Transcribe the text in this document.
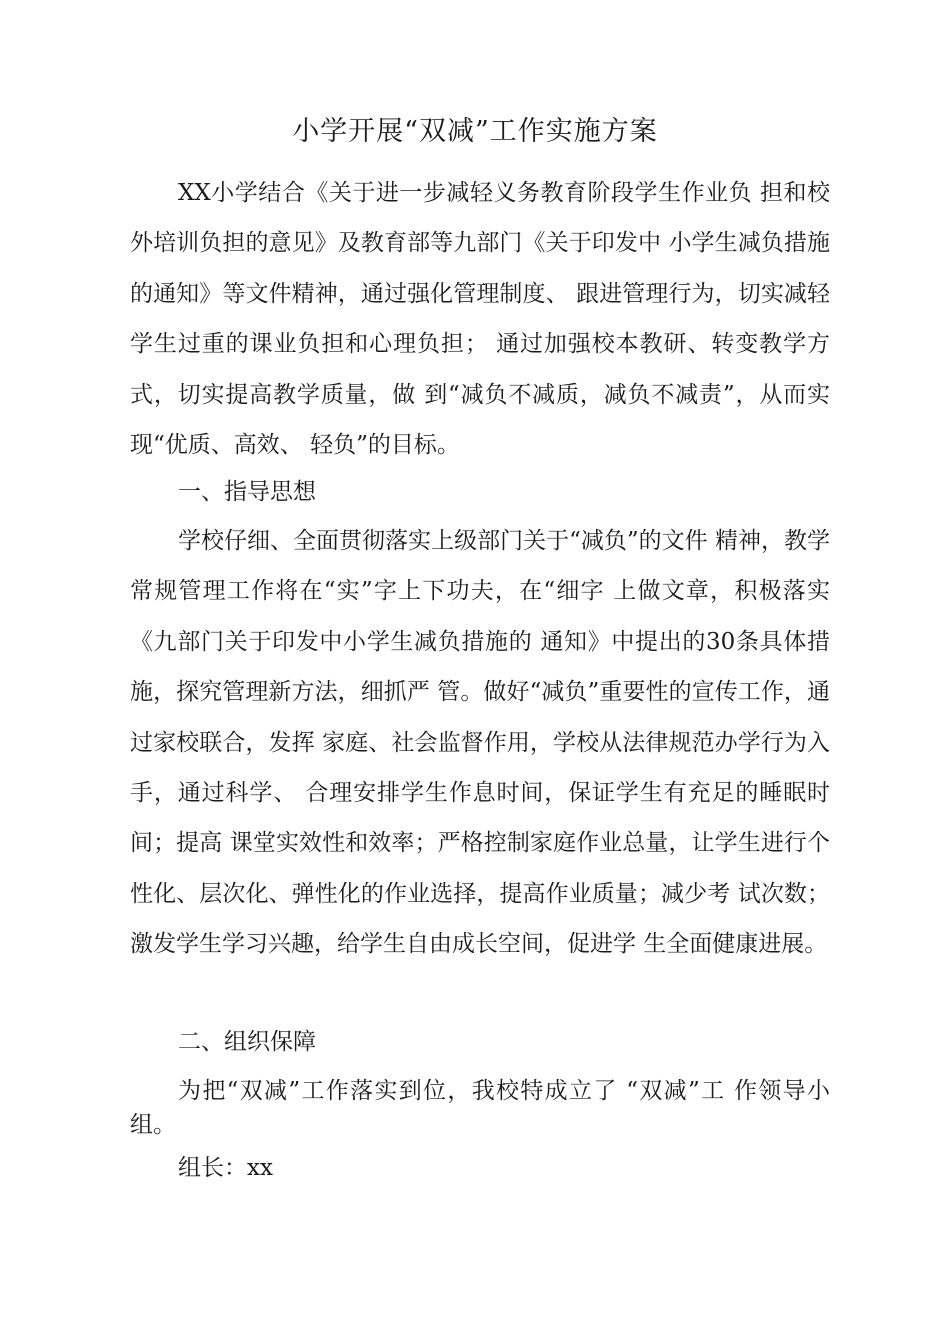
小学开展“双减”工作实施方案

XX小学结合《关于进一步减轻义务教育阶段学生作业负 担和校外培训负担的意见》及教育部等九部门《关于印发中 小学生减负措施的通知》等文件精神，通过强化管理制度、 跟进管理行为，切实减轻学生过重的课业负担和心理负担； 通过加强校本教研、转变教学方式，切实提高教学质量，做 到“减负不减质，减负不减责”，从而实现“优质、高效、 轻负”的目标。

一、指导思想

学校仔细、全面贯彻落实上级部门关于“减负”的文件 精神，教学常规管理工作将在“实”字上下功夫，在“细字 上做文章，积极落实《九部门关于印发中小学生减负措施的 通知》中提出的30条具体措施，探究管理新方法，细抓严 管。做好“减负”重要性的宣传工作，通过家校联合，发挥 家庭、社会监督作用，学校从法律规范办学行为入手，通过科学、 合理安排学生作息时间，保证学生有充足的睡眠时间；提高 课堂实效性和效率；严格控制家庭作业总量，让学生进行个 性化、层次化、弹性化的作业选择，提高作业质量；减少考 试次数；激发学生学习兴趣，给学生自由成长空间，促进学 生全面健康进展。

二、组织保障

为把“双减”工作落实到位，我校特成立了 “双减”工 作领导小组。

组长：xx
